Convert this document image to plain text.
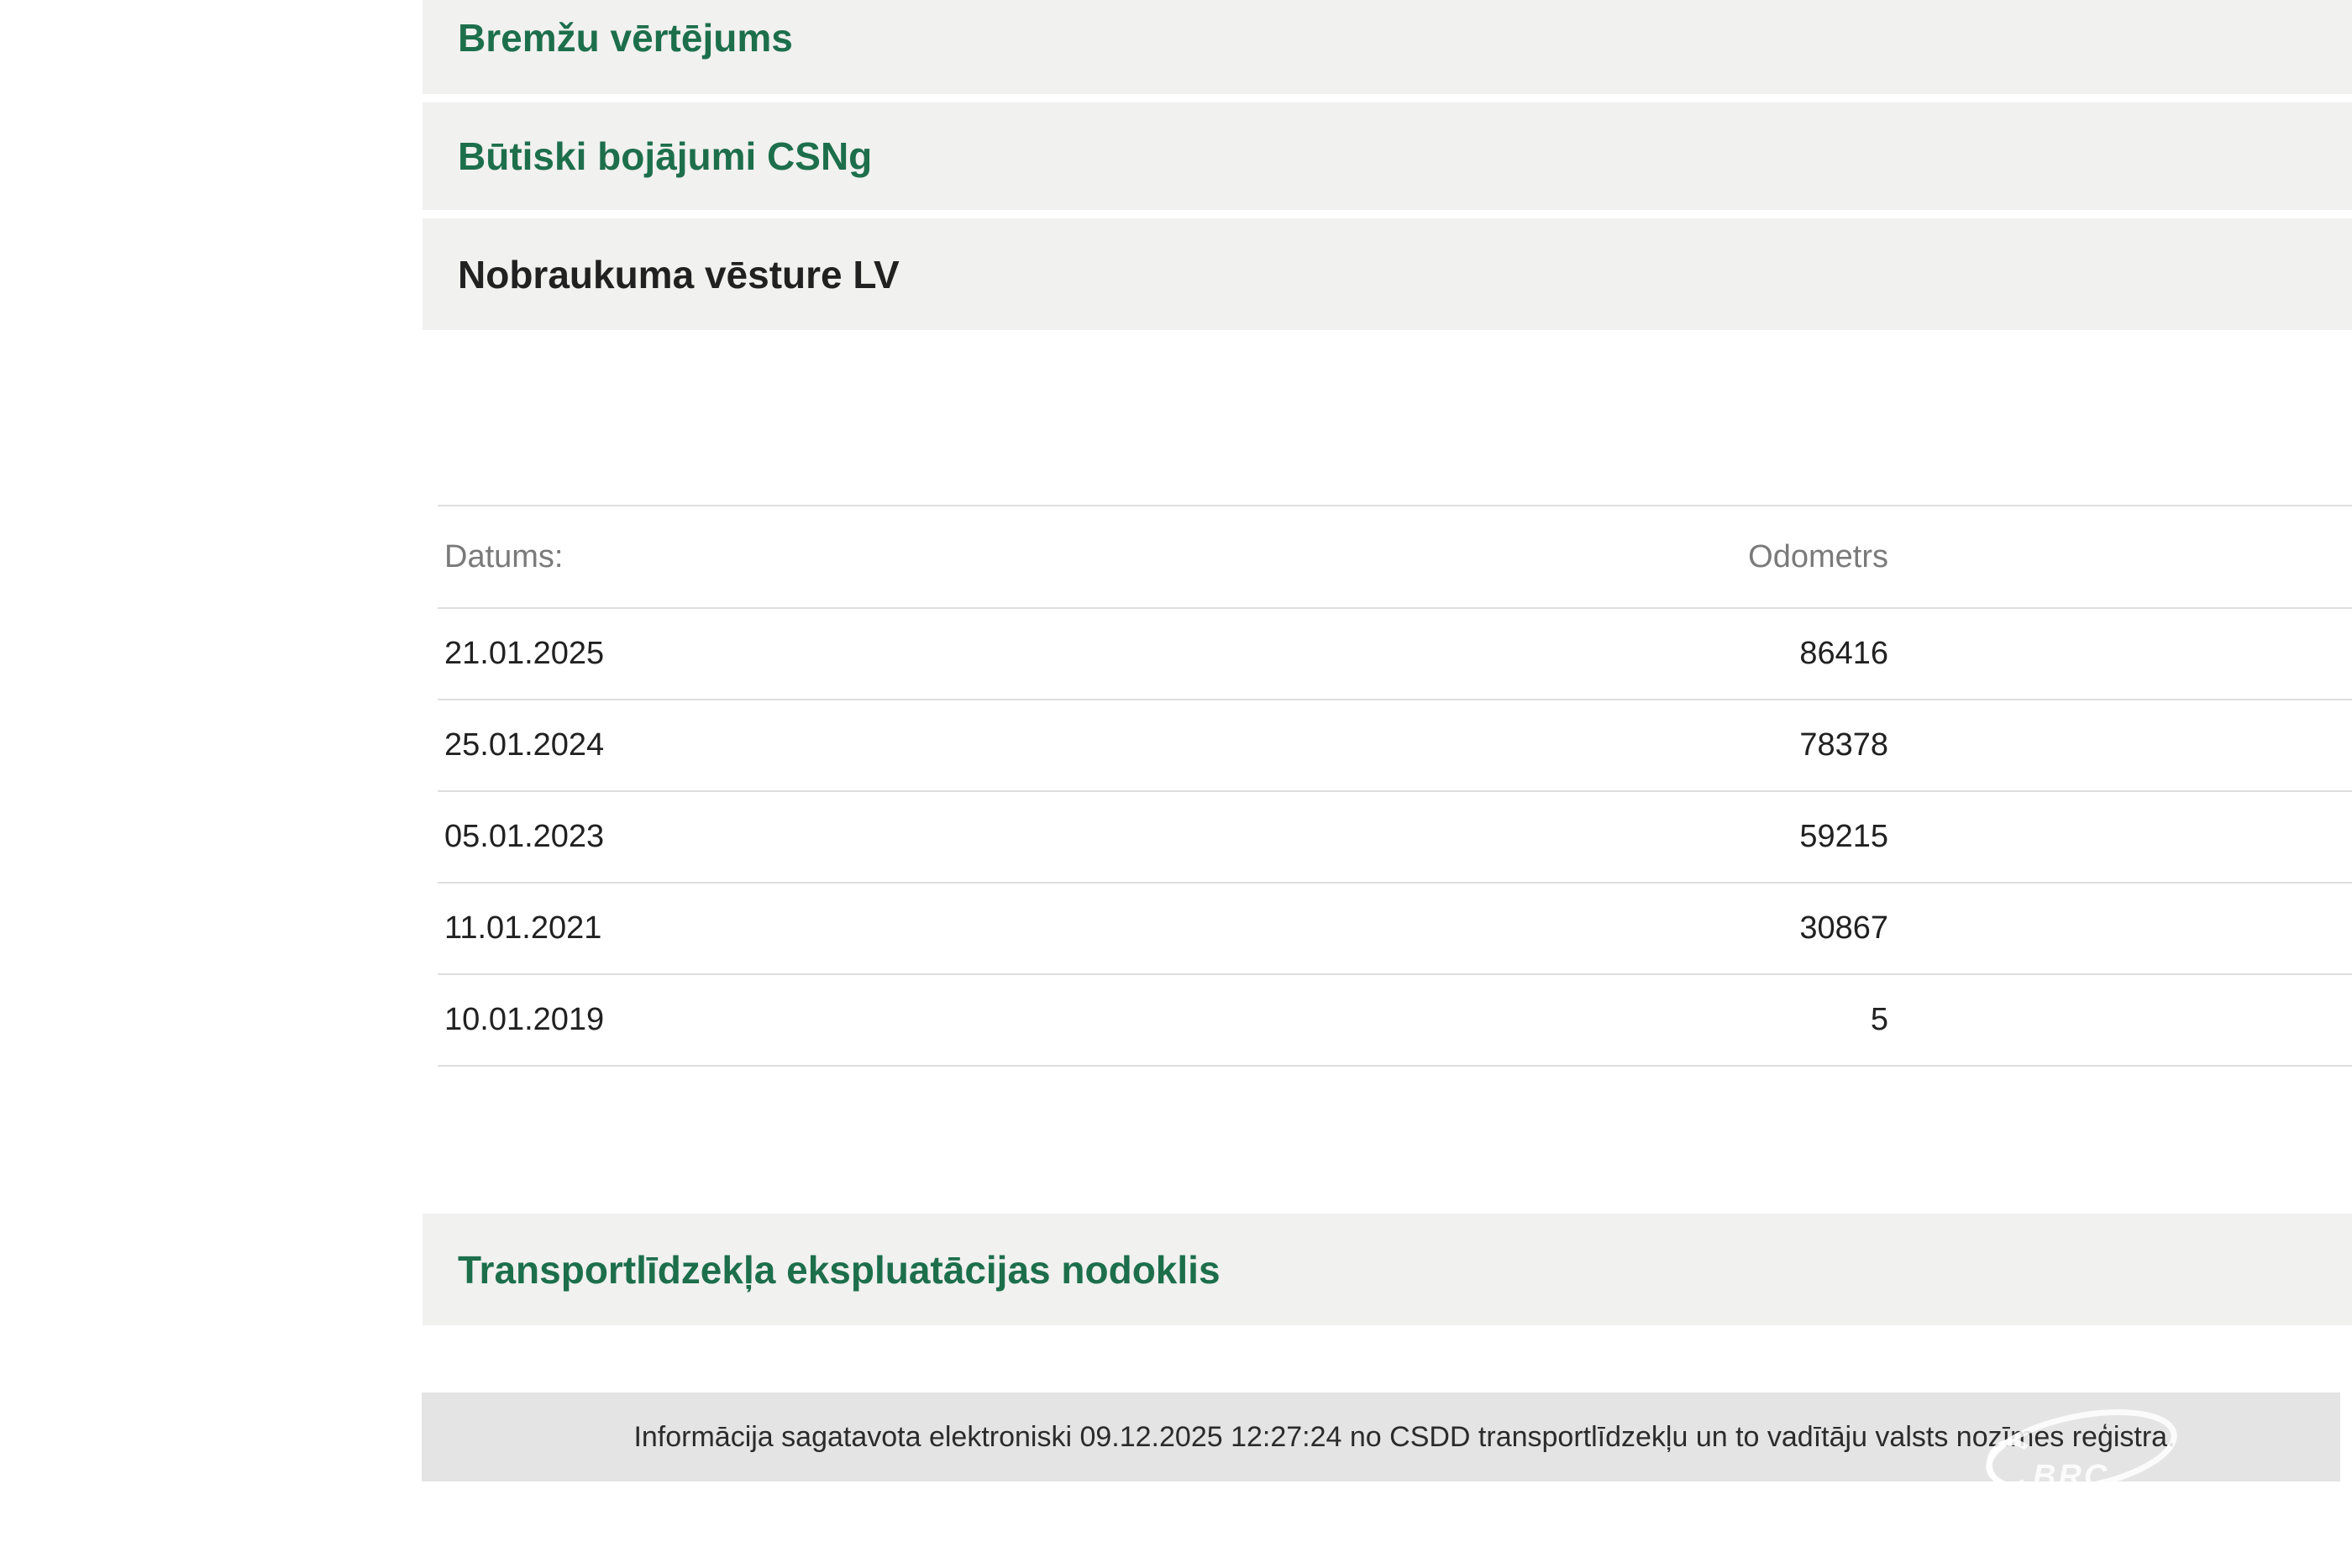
Bremžu vērtējums
Būtiski bojājumi CSNg
Nobraukuma vēsture LV
Datums:	Odometrs
21.01.2025	86416
25.01.2024	78378
05.01.2023	59215
11.01.2021	30867
10.01.2019	5
Transportlīdzekļa ekspluatācijas nodoklis
Informācija sagatavota elektroniski 09.12.2025 12:27:24 no CSDD transportlīdzekļu un to vadītāju valsts nozīmes reģistra.
BRC
